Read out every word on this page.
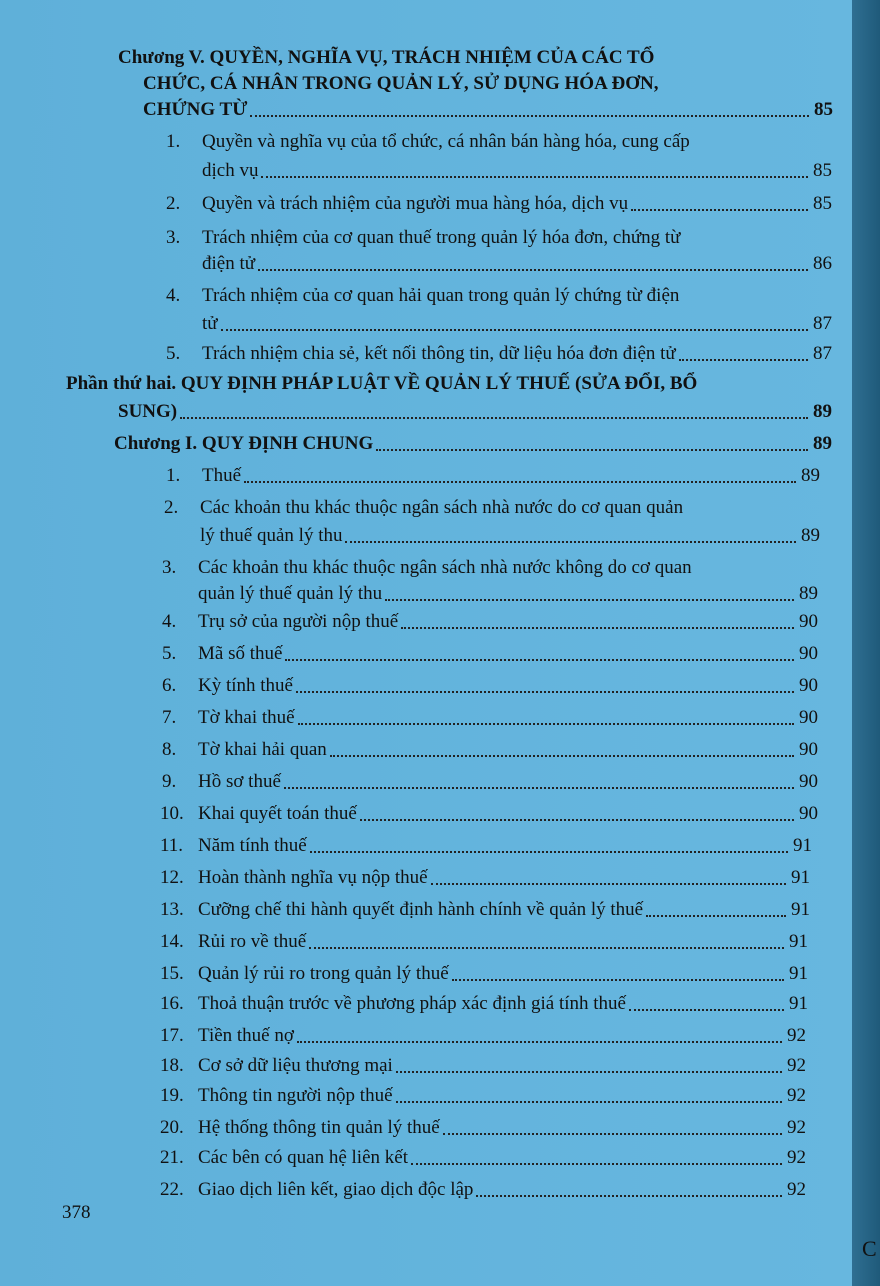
Chương V. QUYỀN, NGHĨA VỤ, TRÁCH NHIỆM CỦA CÁC TỔ
CHỨC, CÁ NHÂN TRONG QUẢN LÝ, SỬ DỤNG HÓA ĐƠN,
CHỨNG TỪ	85
1.	Quyền và nghĩa vụ của tổ chức, cá nhân bán hàng hóa, cung cấp
dịch vụ	85
2.	Quyền và trách nhiệm của người mua hàng hóa, dịch vụ	85
3.	Trách nhiệm của cơ quan thuế trong quản lý hóa đơn, chứng từ
điện tử	86
4.	Trách nhiệm của cơ quan hải quan trong quản lý chứng từ điện
tử	87
5.	Trách nhiệm chia sẻ, kết nối thông tin, dữ liệu hóa đơn điện tử	87
Phần thứ hai. QUY ĐỊNH PHÁP LUẬT VỀ QUẢN LÝ THUẾ (SỬA ĐỔI, BỔ
SUNG)	89
Chương I. QUY ĐỊNH CHUNG	89
1.	Thuế	89
2.	Các khoản thu khác thuộc ngân sách nhà nước do cơ quan quản
lý thuế quản lý thu	89
3.	Các khoản thu khác thuộc ngân sách nhà nước không do cơ quan
quản lý thuế quản lý thu	89
4.	Trụ sở của người nộp thuế	90
5.	Mã số thuế	90
6.	Kỳ tính thuế	90
7.	Tờ khai thuế	90
8.	Tờ khai hải quan	90
9.	Hồ sơ thuế	90
10. Khai quyết toán thuế	90
11. Năm tính thuế	91
12. Hoàn thành nghĩa vụ nộp thuế	91
13. Cưỡng chế thi hành quyết định hành chính về quản lý thuế	91
14. Rủi ro về thuế	91
15. Quản lý rủi ro trong quản lý thuế	91
16. Thoả thuận trước về phương pháp xác định giá tính thuế	91
17. Tiền thuế nợ	92
18. Cơ sở dữ liệu thương mại	92
19. Thông tin người nộp thuế	92
20. Hệ thống thông tin quản lý thuế	92
21. Các bên có quan hệ liên kết	92
22. Giao dịch liên kết, giao dịch độc lập	92
378
C
